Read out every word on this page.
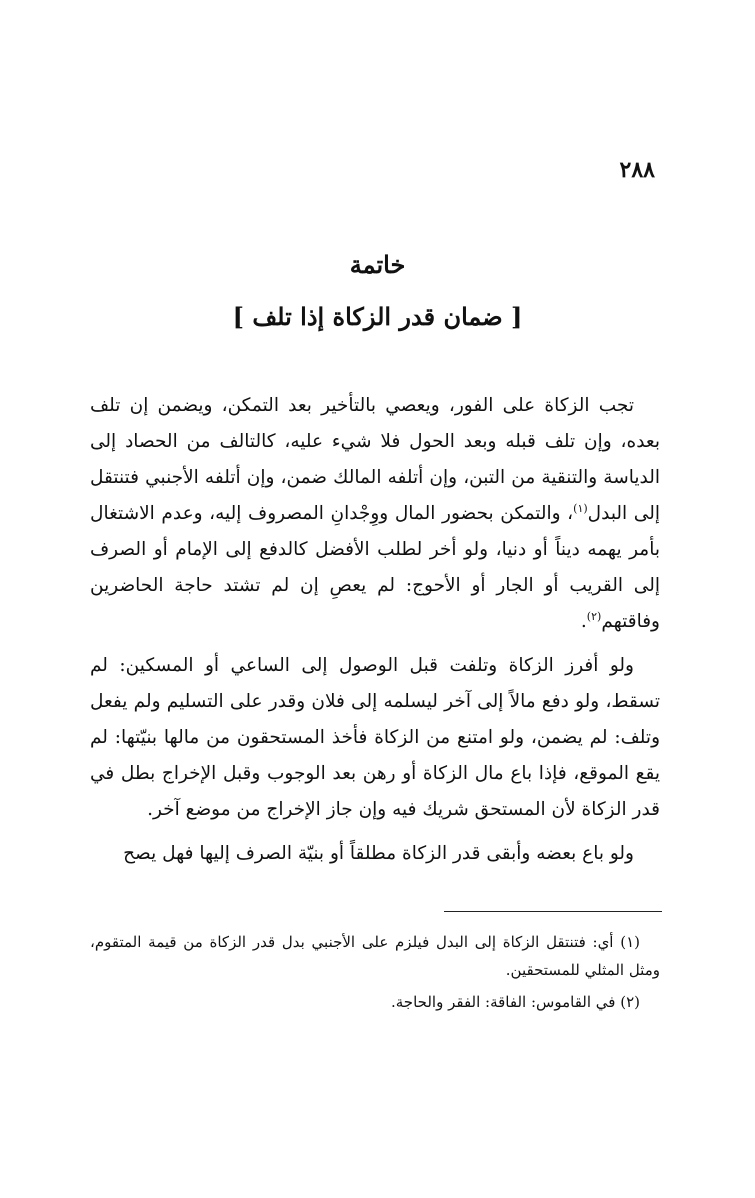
٢٨٨
خاتمة
[ ضمان قدر الزكاة إذا تلف ]

تجب الزكاة على الفور، ويعصي بالتأخير بعد التمكن، ويضمن إن تلف بعده، وإن تلف قبله وبعد الحول فلا شيء عليه، كالتالف من الحصاد إلى الدياسة والتنقية من التبن، وإن أتلفه المالك ضمن، وإن أتلفه الأجنبي فتنتقل إلى البدل$^{(١)}$، والتمكن بحضور المال ووِجْدانِ المصروف إليه، وعدم الاشتغال بأمر يهمه ديناً أو دنيا، ولو أخر لطلب الأفضل كالدفع إلى الإمام أو الصرف إلى القريب أو الجار أو الأحوج: لم يعصِ إن لم تشتد حاجة الحاضرين وفاقتهم$^{(٢)}$.

ولو أفرز الزكاة وتلفت قبل الوصول إلى الساعي أو المسكين: لم تسقط، ولو دفع مالاً إلى آخر ليسلمه إلى فلان وقدر على التسليم ولم يفعل وتلف: لم يضمن، ولو امتنع من الزكاة فأخذ المستحقون من مالها بنيّتها: لم يقع الموقع، فإذا باع مال الزكاة أو رهن بعد الوجوب وقبل الإخراج بطل في قدر الزكاة لأن المستحق شريك فيه وإن جاز الإخراج من موضع آخر.

ولو باع بعضه وأبقى قدر الزكاة مطلقاً أو بنيّة الصرف إليها فهل يصح

(١) أي: فتنتقل الزكاة إلى البدل فيلزم على الأجنبي بدل قدر الزكاة من قيمة المتقوم، ومثل المثلي للمستحقين.

(٢) في القاموس: الفاقة: الفقر والحاجة.
